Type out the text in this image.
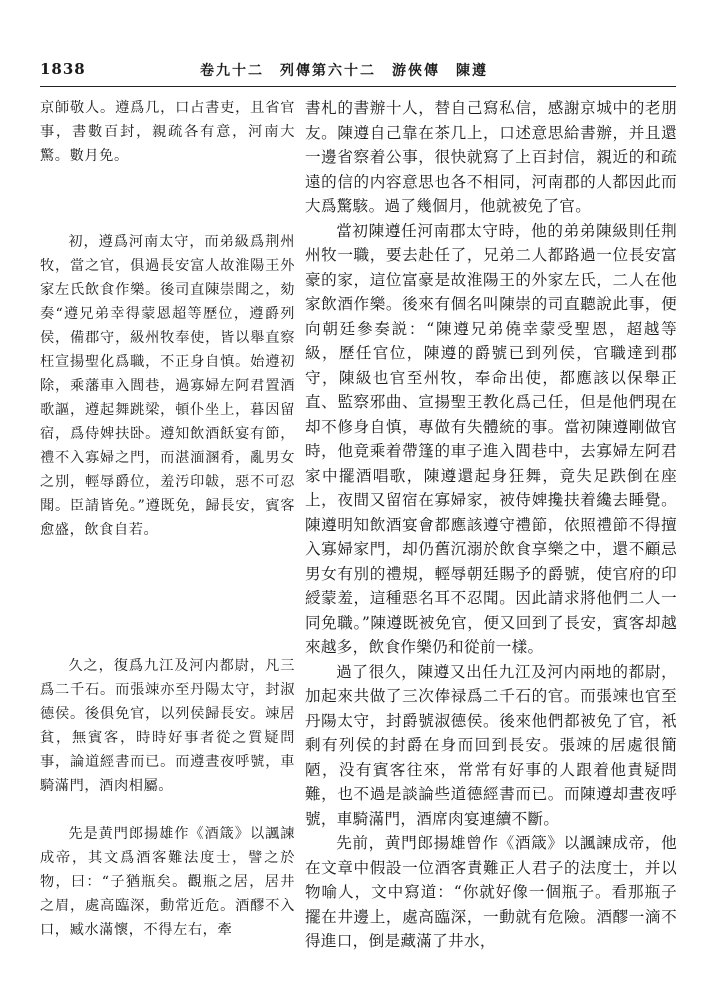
1838	卷九十二　列傳第六十二　游俠傳　陳遵

京師敬人。遵爲几，口占書吏，且省官事，書數百封，親疏各有意，河南大驚。數月免。

初，遵爲河南太守，而弟級爲荆州牧，當之官，俱過長安富人故淮陽王外家左氏飲食作樂。後司直陳崇聞之，劾奏“遵兄弟幸得蒙恩超等歷位，遵爵列侯，備郡守，級州牧奉使，皆以舉直察枉宣揚聖化爲職，不正身自慎。始遵初除，乘藩車入閭巷，過寡婦左阿君置酒歌謳，遵起舞跳梁，頓仆坐上，暮因留宿，爲侍婢扶卧。遵知飲酒飫宴有節，禮不入寡婦之門，而湛湎溷肴，亂男女之別，輕辱爵位，羞汚印韍，惡不可忍聞。臣請皆免。”遵既免，歸長安，賓客愈盛，飲食自若。

久之，復爲九江及河内都尉，凡三爲二千石。而張竦亦至丹陽太守，封淑德侯。後俱免官，以列侯歸長安。竦居貧，無賓客，時時好事者從之質疑問事，論道經書而已。而遵晝夜呼號，車騎滿門，酒肉相屬。

先是黄門郎揚雄作《酒箴》以諷諫成帝，其文爲酒客難法度士，譬之於物，曰：“子猶瓶矣。觀瓶之居，居井之眉，處高臨深，動常近危。酒醪不入口，臧水滿懷，不得左右，牽

書札的書辦十人，替自己寫私信，感謝京城中的老朋友。陳遵自己靠在茶几上，口述意思給書辦，并且還一邊省察着公事，很快就寫了上百封信，親近的和疏遠的信的内容意思也各不相同，河南郡的人都因此而大爲驚駭。過了幾個月，他就被免了官。

當初陳遵任河南郡太守時，他的弟弟陳級則任荆州牧一職，要去赴任了，兄弟二人都路過一位長安富豪的家，這位富豪是故淮陽王的外家左氏，二人在他家飲酒作樂。後來有個名叫陳崇的司直聽說此事，便向朝廷參奏説：“陳遵兄弟僥幸蒙受聖恩，超越等級，歷任官位，陳遵的爵號已到列侯，官職達到郡守，陳級也官至州牧，奉命出使，都應該以保舉正直、監察邪曲、宣揚聖王教化爲己任，但是他們現在却不修身自慎，專做有失體統的事。當初陳遵剛做官時，他竟乘着帶篷的車子進入閭巷中，去寡婦左阿君家中擺酒唱歌，陳遵還起身狂舞，竟失足跌倒在座上，夜間又留宿在寡婦家，被侍婢攙扶着纔去睡覺。陳遵明知飲酒宴會都應該遵守禮節，依照禮節不得擅入寡婦家門，却仍舊沉溺於飲食享樂之中，還不顧忌男女有別的禮規，輕辱朝廷賜予的爵號，使官府的印綬蒙羞，這種惡名耳不忍聞。因此請求將他們二人一同免職。”陳遵既被免官，便又回到了長安，賓客却越來越多，飲食作樂仍和從前一樣。

過了很久，陳遵又出任九江及河内兩地的都尉，加起來共做了三次俸禄爲二千石的官。而張竦也官至丹陽太守，封爵號淑德侯。後來他們都被免了官，衹剩有列侯的封爵在身而回到長安。張竦的居處很簡陋，没有賓客往來，常常有好事的人跟着他責疑問難，也不過是談論些道德經書而已。而陳遵却晝夜呼號，車騎滿門，酒席肉宴連續不斷。

先前，黄門郎揚雄曾作《酒箴》以諷諫成帝，他在文章中假設一位酒客責難正人君子的法度士，并以物喻人，文中寫道：“你就好像一個瓶子。看那瓶子擺在井邊上，處高臨深，一動就有危險。酒醪一滴不得進口，倒是藏滿了井水，
